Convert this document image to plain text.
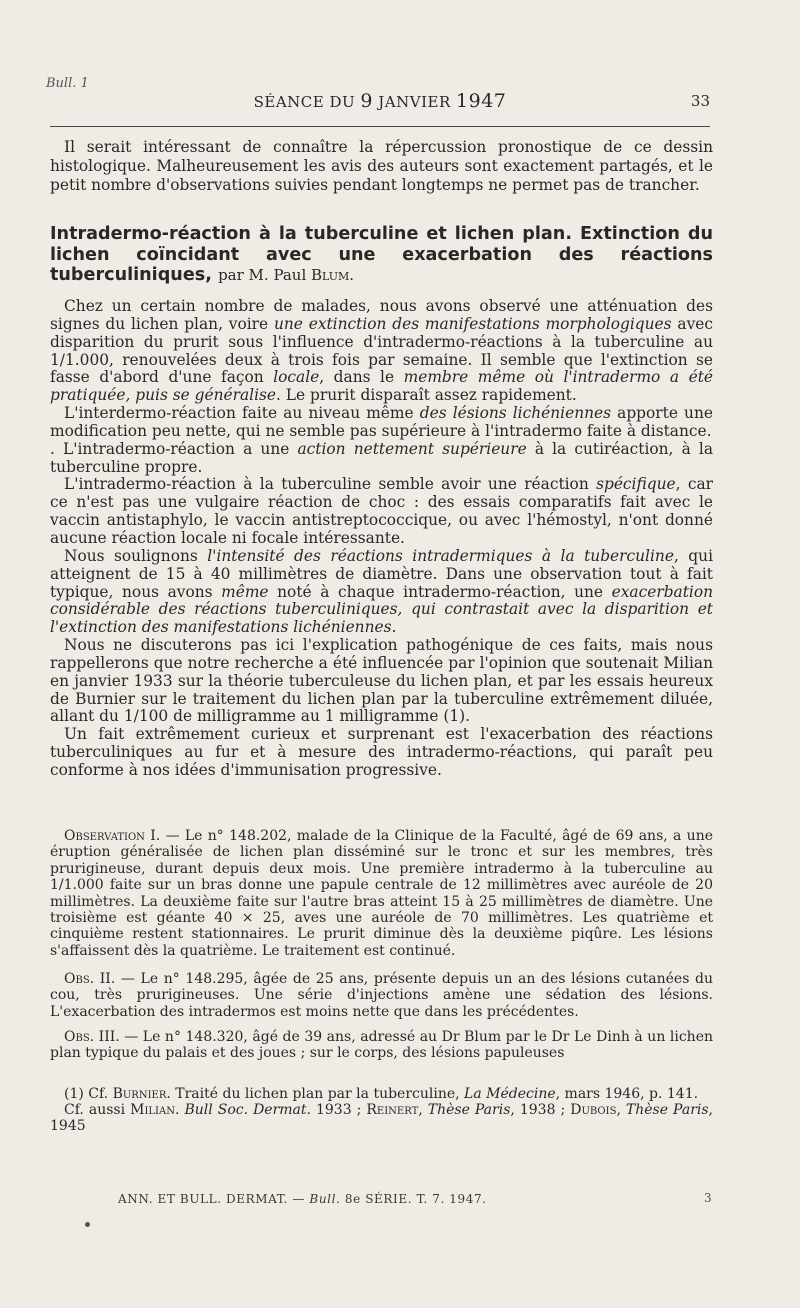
Bull. 1
SÉANCE DU 9 JANVIER 1947	33

Il serait intéressant de connaître la répercussion pronostique de ce dessin histologique. Malheureusement les avis des auteurs sont exactement partagés, et le petit nombre d'observations suivies pendant longtemps ne permet pas de trancher.

Intradermo-réaction à la tuberculine et lichen plan. Extinction du lichen coïncidant avec une exacerbation des réactions tuberculiniques, par M. Paul Blum.

Chez un certain nombre de malades, nous avons observé une atténuation des signes du lichen plan, voire une extinction des manifestations morphologiques avec disparition du prurit sous l'influence d'intradermo-réactions à la tuberculine au 1/1.000, renouvelées deux à trois fois par semaine. Il semble que l'extinction se fasse d'abord d'une façon locale, dans le membre même où l'intradermo a été pratiquée, puis se généralise. Le prurit disparaît assez rapidement.

L'interdermo-réaction faite au niveau même des lésions lichéniennes apporte une modification peu nette, qui ne semble pas supérieure à l'intradermo faite à distance.

. L'intradermo-réaction a une action nettement supérieure à la cutiréaction, à la tuberculine propre.

L'intradermo-réaction à la tuberculine semble avoir une réaction spécifique, car ce n'est pas une vulgaire réaction de choc : des essais comparatifs fait avec le vaccin antistaphylo, le vaccin antistreptococcique, ou avec l'hémostyl, n'ont donné aucune réaction locale ni focale intéressante.

Nous soulignons l'intensité des réactions intradermiques à la tuberculine, qui atteignent de 15 à 40 millimètres de diamètre. Dans une observation tout à fait typique, nous avons même noté à chaque intradermo-réaction, une exacerbation considérable des réactions tuberculiniques, qui contrastait avec la disparition et l'extinction des manifestations lichéniennes.

Nous ne discuterons pas ici l'explication pathogénique de ces faits, mais nous rappellerons que notre recherche a été influencée par l'opinion que soutenait Milian en janvier 1933 sur la théorie tuberculeuse du lichen plan, et par les essais heureux de Burnier sur le traitement du lichen plan par la tuberculine extrêmement diluée, allant du 1/100 de milligramme au 1 milligramme (1).

Un fait extrêmement curieux et surprenant est l'exacerbation des réactions tuberculiniques au fur et à mesure des intradermo-réactions, qui paraît peu conforme à nos idées d'immunisation progressive.

Observation I. — Le n° 148.202, malade de la Clinique de la Faculté, âgé de 69 ans, a une éruption généralisée de lichen plan disséminé sur le tronc et sur les membres, très prurigineuse, durant depuis deux mois. Une première intradermo à la tuberculine au 1/1.000 faite sur un bras donne une papule centrale de 12 millimètres avec auréole de 20 millimètres. La deuxième faite sur l'autre bras atteint 15 à 25 millimètres de diamètre. Une troisième est géante 40 × 25, aves une auréole de 70 millimètres. Les quatrième et cinquième restent stationnaires. Le prurit diminue dès la deuxième piqûre. Les lésions s'affaissent dès la quatrième. Le traitement est continué.

Obs. II. — Le n° 148.295, âgée de 25 ans, présente depuis un an des lésions cutanées du cou, très prurigineuses. Une série d'injections amène une sédation des lésions. L'exacerbation des intradermos est moins nette que dans les précédentes.

Obs. III. — Le n° 148.320, âgé de 39 ans, adressé au Dr Blum par le Dr Le Dinh à un lichen plan typique du palais et des joues ; sur le corps, des lésions papuleuses

(1) Cf. Burnier. Traité du lichen plan par la tuberculine, La Médecine, mars 1946, p. 141.

Cf. aussi Milian. Bull Soc. Dermat. 1933 ; Reinert, Thèse Paris, 1938 ; Dubois, Thèse Paris, 1945

ANN. ET BULL. DERMAT. — Bull. 8e SÉRIE. T. 7. 1947.	3
